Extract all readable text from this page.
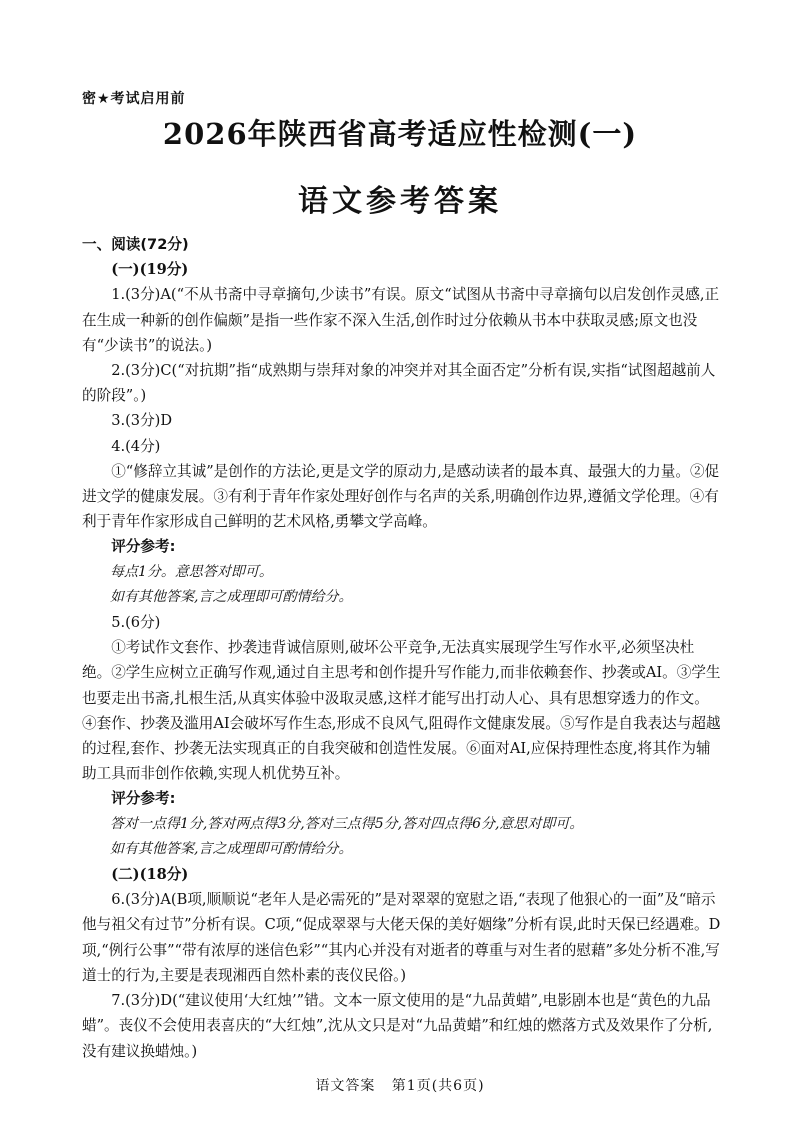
密★考试启用前
2026年陕西省高考适应性检测(一)
语文参考答案

一、阅读(72分)

(一)(19分)

1.(3分)A(“不从书斋中寻章摘句,少读书”有误。原文“试图从书斋中寻章摘句以启发创作灵感,正在生成一种新的创作偏颇”是指一些作家不深入生活,创作时过分依赖从书本中获取灵感;原文也没有“少读书”的说法。)

2.(3分)C(“对抗期”指“成熟期与崇拜对象的冲突并对其全面否定”分析有误,实指“试图超越前人的阶段”。)

3.(3分)D

4.(4分)

①“修辞立其诚”是创作的方法论,更是文学的原动力,是感动读者的最本真、最强大的力量。②促进文学的健康发展。③有利于青年作家处理好创作与名声的关系,明确创作边界,遵循文学伦理。④有利于青年作家形成自己鲜明的艺术风格,勇攀文学高峰。

评分参考:

每点1分。意思答对即可。

如有其他答案,言之成理即可酌情给分。

5.(6分)

①考试作文套作、抄袭违背诚信原则,破坏公平竞争,无法真实展现学生写作水平,必须坚决杜绝。②学生应树立正确写作观,通过自主思考和创作提升写作能力,而非依赖套作、抄袭或AI。③学生也要走出书斋,扎根生活,从真实体验中汲取灵感,这样才能写出打动人心、具有思想穿透力的作文。④套作、抄袭及滥用AI会破坏写作生态,形成不良风气,阻碍作文健康发展。⑤写作是自我表达与超越的过程,套作、抄袭无法实现真正的自我突破和创造性发展。⑥面对AI,应保持理性态度,将其作为辅助工具而非创作依赖,实现人机优势互补。

评分参考:

答对一点得1分,答对两点得3分,答对三点得5分,答对四点得6分,意思对即可。

如有其他答案,言之成理即可酌情给分。

(二)(18分)

6.(3分)A(B项,顺顺说“老年人是必需死的”是对翠翠的宽慰之语,“表现了他狠心的一面”及“暗示他与祖父有过节”分析有误。C项,“促成翠翠与大佬天保的美好姻缘”分析有误,此时天保已经遇难。D项,“例行公事”“带有浓厚的迷信色彩”“其内心并没有对逝者的尊重与对生者的慰藉”多处分析不准,写道士的行为,主要是表现湘西自然朴素的丧仪民俗。)

7.(3分)D(“建议使用‘大红烛’”错。文本一原文使用的是“九品黄蜡”,电影剧本也是“黄色的九品蜡”。丧仪不会使用表喜庆的“大红烛”,沈从文只是对“九品黄蜡”和红烛的燃落方式及效果作了分析,没有建议换蜡烛。)

语文答案 第1页(共6页)
